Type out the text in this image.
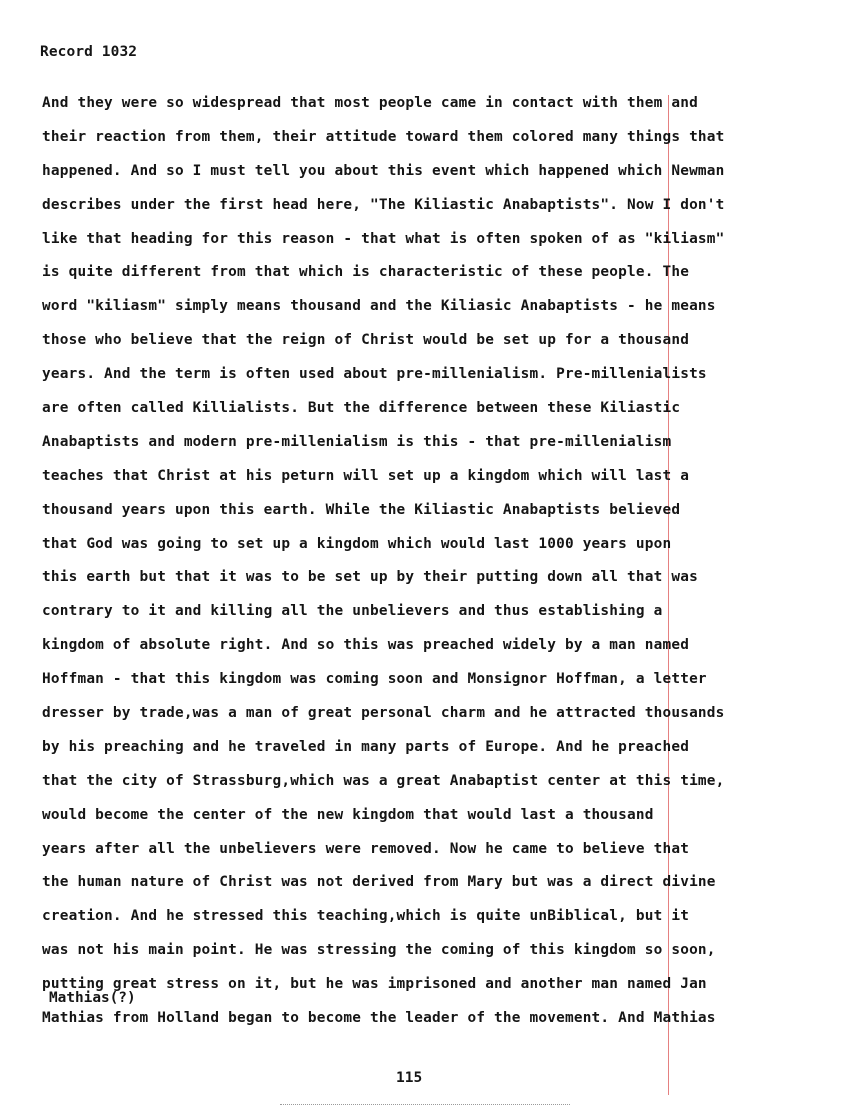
Record 1032
And they were so widespread that most people came in contact with them and
their reaction from them, their attitude toward them colored many things that
happened. And so I must tell you about this event which happened which Newman
describes under the first head here, "The Kiliastic Anabaptists". Now I don't
like that heading for this reason - that what is often spoken of as "kiliasm"
is quite different from that which is characteristic of these people. The
word "kiliasm" simply means thousand and the Kiliasic Anabaptists - he means
those who believe that the reign of Christ would be set up for a thousand
years. And the term is often used about pre-millenialism. Pre-millenialists
are often called Killialists. But the difference between these Kiliastic
Anabaptists and modern pre-millenialism is this - that pre-millenialism
teaches that Christ at his peturn will set up a kingdom which will last a
thousand years upon this earth. While the Kiliastic Anabaptists believed
that God was going to set up a kingdom which would last 1000 years upon
this earth but that it was to be set up by their putting down all that was
contrary to it and killing all the unbelievers and thus establishing a
kingdom of absolute right. And so this was preached widely by a man named
Hoffman - that this kingdom was coming soon and Monsignor Hoffman, a letter
dresser by trade,was a man of great personal charm and he attracted thousands
by his preaching and he traveled in many parts of Europe. And he preached
that the city of Strassburg,which was a great Anabaptist center at this time,
would become the center of the new kingdom that would last a thousand
years after all the unbelievers were removed. Now he came to believe that
the human nature of Christ was not derived from Mary but was a direct divine
creation. And he stressed this teaching,which is quite unBiblical, but it
was not his main point. He was stressing the coming of this kingdom so soon,
putting great stress on it, but he was imprisoned and another man named Jan
Mathias from Holland began to become the leader of the movement. And Mathias
Mathias(?)
115
